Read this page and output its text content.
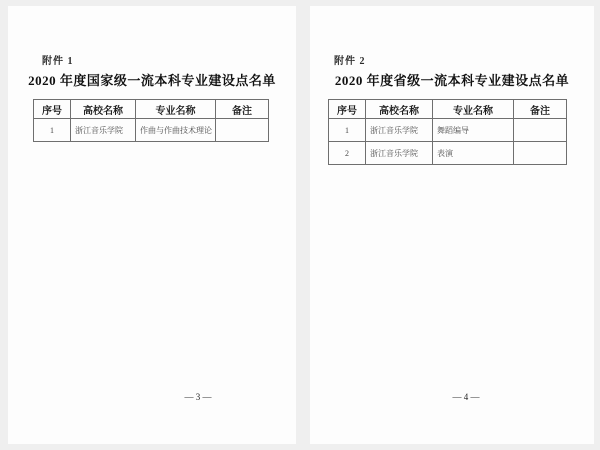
附件 1
2020 年度国家级一流本科专业建设点名单
序号	高校名称	专业名称	备注
1	浙江音乐学院	作曲与作曲技术理论	
— 3 —
附件 2
2020 年度省级一流本科专业建设点名单
序号	高校名称	专业名称	备注
1	浙江音乐学院	舞蹈编导	
2	浙江音乐学院	表演	
— 4 —
